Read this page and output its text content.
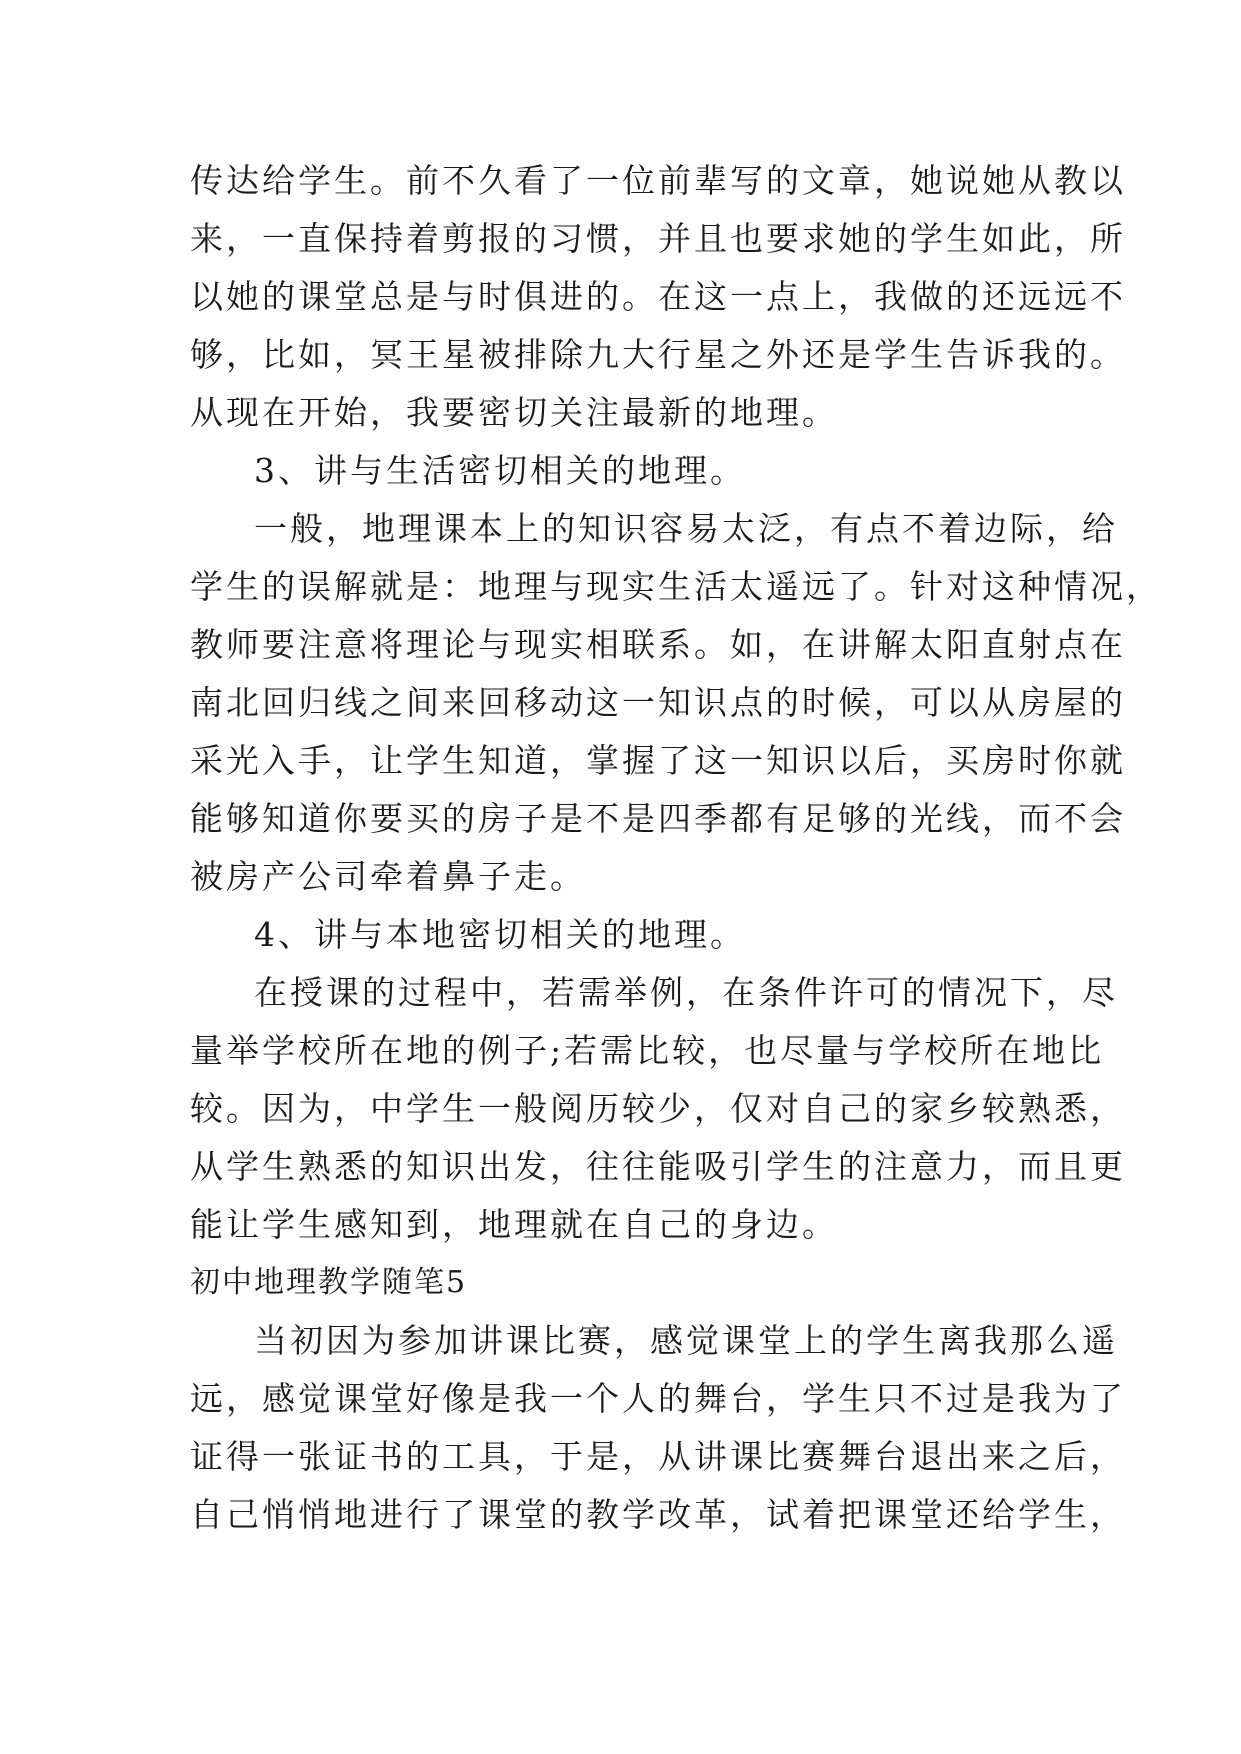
传达给学生。前不久看了一位前辈写的文章，她说她从教以
来，一直保持着剪报的习惯，并且也要求她的学生如此，所
以她的课堂总是与时俱进的。在这一点上，我做的还远远不
够，比如，冥王星被排除九大行星之外还是学生告诉我的。
从现在开始，我要密切关注最新的地理。
3、讲与生活密切相关的地理。
一般，地理课本上的知识容易太泛，有点不着边际，给
学生的误解就是：地理与现实生活太遥远了。针对这种情况，
教师要注意将理论与现实相联系。如，在讲解太阳直射点在
南北回归线之间来回移动这一知识点的时候，可以从房屋的
采光入手，让学生知道，掌握了这一知识以后，买房时你就
能够知道你要买的房子是不是四季都有足够的光线，而不会
被房产公司牵着鼻子走。
4、讲与本地密切相关的地理。
在授课的过程中，若需举例，在条件许可的情况下，尽
量举学校所在地的例子;若需比较，也尽量与学校所在地比
较。因为，中学生一般阅历较少，仅对自己的家乡较熟悉，
从学生熟悉的知识出发，往往能吸引学生的注意力，而且更
能让学生感知到，地理就在自己的身边。
初中地理教学随笔5
当初因为参加讲课比赛，感觉课堂上的学生离我那么遥
远，感觉课堂好像是我一个人的舞台，学生只不过是我为了
证得一张证书的工具，于是，从讲课比赛舞台退出来之后，
自己悄悄地进行了课堂的教学改革，试着把课堂还给学生，
